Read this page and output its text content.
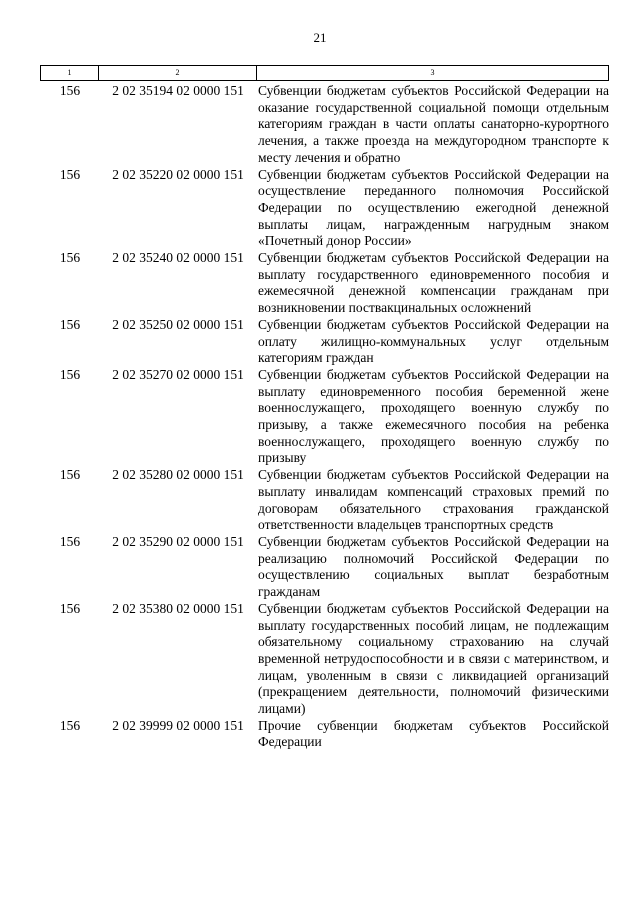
21
1	2	3
156	2 02 35194 02 0000 151	Субвенции бюджетам субъектов Российской Федерации на оказание государственной социальной помощи отдельным категориям граждан в части оплаты санаторно-курортного лечения, а также проезда на междугородном транспорте к месту лечения и обратно
156	2 02 35220 02 0000 151	Субвенции бюджетам субъектов Российской Федерации на осуществление переданного полномочия Российской Федерации по осуществлению ежегодной денежной выплаты лицам, награжденным нагрудным знаком «Почетный донор России»
156	2 02 35240 02 0000 151	Субвенции бюджетам субъектов Российской Федерации на выплату государственного единовременного пособия и ежемесячной денежной компенсации гражданам при возникновении поствакцинальных осложнений
156	2 02 35250 02 0000 151	Субвенции бюджетам субъектов Российской Федерации на оплату жилищно-коммунальных услуг отдельным категориям граждан
156	2 02 35270 02 0000 151	Субвенции бюджетам субъектов Российской Федерации на выплату единовременного пособия беременной жене военнослужащего, проходящего военную службу по призыву, а также ежемесячного пособия на ребенка военнослужащего, проходящего военную службу по призыву
156	2 02 35280 02 0000 151	Субвенции бюджетам субъектов Российской Федерации на выплату инвалидам компенсаций страховых премий по договорам обязательного страхования гражданской ответственности владельцев транспортных средств
156	2 02 35290 02 0000 151	Субвенции бюджетам субъектов Российской Федерации на реализацию полномочий Российской Федерации по осуществлению социальных выплат безработным гражданам
156	2 02 35380 02 0000 151	Субвенции бюджетам субъектов Российской Федерации на выплату государственных пособий лицам, не подлежащим обязательному социальному страхованию на случай временной нетрудоспособности и в связи с материнством, и лицам, уволенным в связи с ликвидацией организаций (прекращением деятельности, полномочий физическими лицами)
156	2 02 39999 02 0000 151	Прочие субвенции бюджетам субъектов Российской Федерации
